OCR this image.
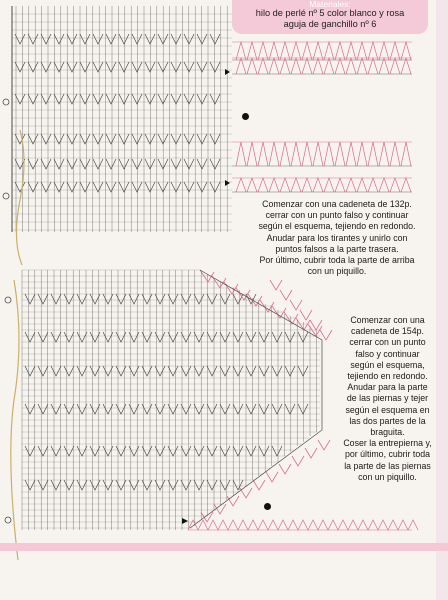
Materiales:
hilo de perlé nº 5 color blanco y rosa
aguja de ganchillo nº 6
Comenzar con una cadeneta de 132p.
cerrar con un punto falso y continuar
según el esquema, tejiendo en redondo.
Anudar para los tirantes y unirlo con
puntos falsos a la parte trasera.
Por último, cubrir toda la parte de arriba
con un piquillo.
Comenzar con una
cadeneta de 154p.
cerrar con un punto
falso y continuar
según el esquema,
tejiendo en redondo.
Anudar para la parte
de las piernas y tejer
según el esquema en
las dos partes de la
braguita.
Coser la entrepierna y,
por último, cubrir toda
la parte de las piernas
con un piquillo.
